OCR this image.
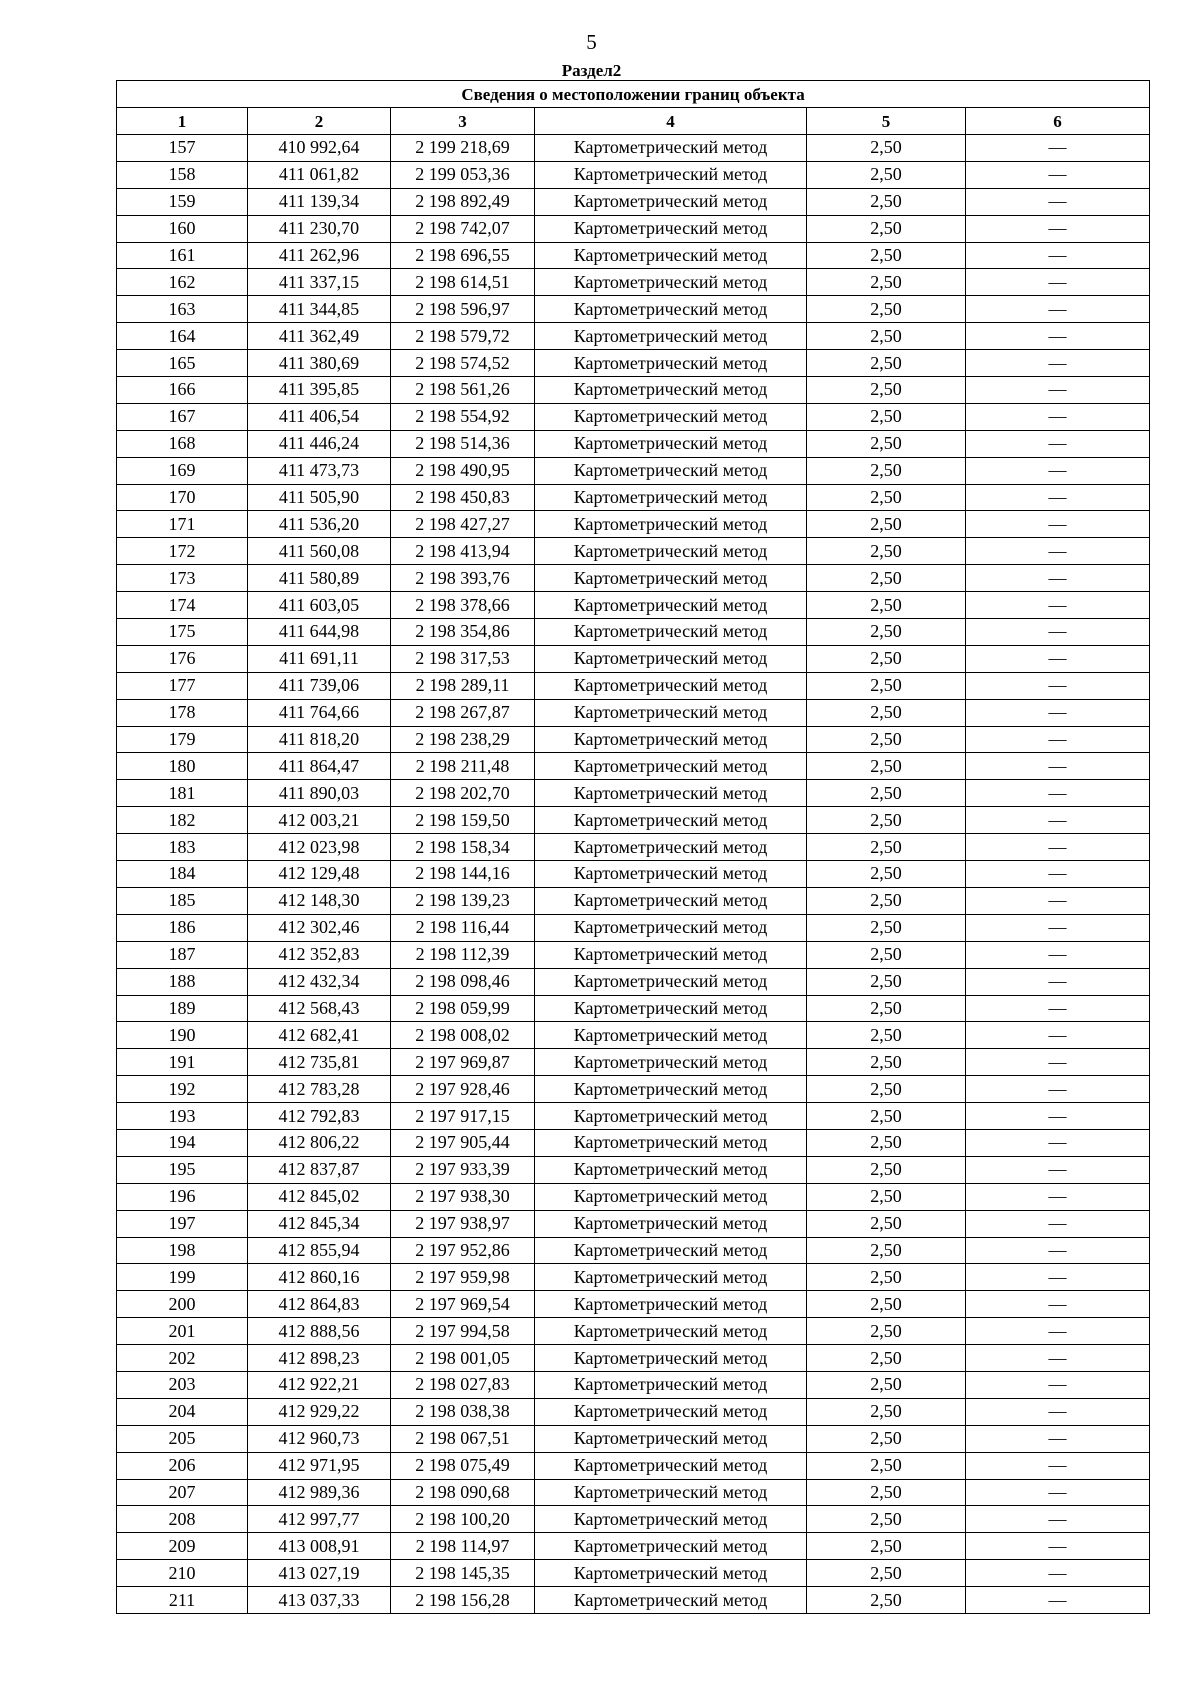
5
Раздел2
Сведения о местоположении границ объекта					
1	2	3	4	5	6
157	410 992,64	2 199 218,69	Картометрический метод	2,50	—
158	411 061,82	2 199 053,36	Картометрический метод	2,50	—
159	411 139,34	2 198 892,49	Картометрический метод	2,50	—
160	411 230,70	2 198 742,07	Картометрический метод	2,50	—
161	411 262,96	2 198 696,55	Картометрический метод	2,50	—
162	411 337,15	2 198 614,51	Картометрический метод	2,50	—
163	411 344,85	2 198 596,97	Картометрический метод	2,50	—
164	411 362,49	2 198 579,72	Картометрический метод	2,50	—
165	411 380,69	2 198 574,52	Картометрический метод	2,50	—
166	411 395,85	2 198 561,26	Картометрический метод	2,50	—
167	411 406,54	2 198 554,92	Картометрический метод	2,50	—
168	411 446,24	2 198 514,36	Картометрический метод	2,50	—
169	411 473,73	2 198 490,95	Картометрический метод	2,50	—
170	411 505,90	2 198 450,83	Картометрический метод	2,50	—
171	411 536,20	2 198 427,27	Картометрический метод	2,50	—
172	411 560,08	2 198 413,94	Картометрический метод	2,50	—
173	411 580,89	2 198 393,76	Картометрический метод	2,50	—
174	411 603,05	2 198 378,66	Картометрический метод	2,50	—
175	411 644,98	2 198 354,86	Картометрический метод	2,50	—
176	411 691,11	2 198 317,53	Картометрический метод	2,50	—
177	411 739,06	2 198 289,11	Картометрический метод	2,50	—
178	411 764,66	2 198 267,87	Картометрический метод	2,50	—
179	411 818,20	2 198 238,29	Картометрический метод	2,50	—
180	411 864,47	2 198 211,48	Картометрический метод	2,50	—
181	411 890,03	2 198 202,70	Картометрический метод	2,50	—
182	412 003,21	2 198 159,50	Картометрический метод	2,50	—
183	412 023,98	2 198 158,34	Картометрический метод	2,50	—
184	412 129,48	2 198 144,16	Картометрический метод	2,50	—
185	412 148,30	2 198 139,23	Картометрический метод	2,50	—
186	412 302,46	2 198 116,44	Картометрический метод	2,50	—
187	412 352,83	2 198 112,39	Картометрический метод	2,50	—
188	412 432,34	2 198 098,46	Картометрический метод	2,50	—
189	412 568,43	2 198 059,99	Картометрический метод	2,50	—
190	412 682,41	2 198 008,02	Картометрический метод	2,50	—
191	412 735,81	2 197 969,87	Картометрический метод	2,50	—
192	412 783,28	2 197 928,46	Картометрический метод	2,50	—
193	412 792,83	2 197 917,15	Картометрический метод	2,50	—
194	412 806,22	2 197 905,44	Картометрический метод	2,50	—
195	412 837,87	2 197 933,39	Картометрический метод	2,50	—
196	412 845,02	2 197 938,30	Картометрический метод	2,50	—
197	412 845,34	2 197 938,97	Картометрический метод	2,50	—
198	412 855,94	2 197 952,86	Картометрический метод	2,50	—
199	412 860,16	2 197 959,98	Картометрический метод	2,50	—
200	412 864,83	2 197 969,54	Картометрический метод	2,50	—
201	412 888,56	2 197 994,58	Картометрический метод	2,50	—
202	412 898,23	2 198 001,05	Картометрический метод	2,50	—
203	412 922,21	2 198 027,83	Картометрический метод	2,50	—
204	412 929,22	2 198 038,38	Картометрический метод	2,50	—
205	412 960,73	2 198 067,51	Картометрический метод	2,50	—
206	412 971,95	2 198 075,49	Картометрический метод	2,50	—
207	412 989,36	2 198 090,68	Картометрический метод	2,50	—
208	412 997,77	2 198 100,20	Картометрический метод	2,50	—
209	413 008,91	2 198 114,97	Картометрический метод	2,50	—
210	413 027,19	2 198 145,35	Картометрический метод	2,50	—
211	413 037,33	2 198 156,28	Картометрический метод	2,50	—
